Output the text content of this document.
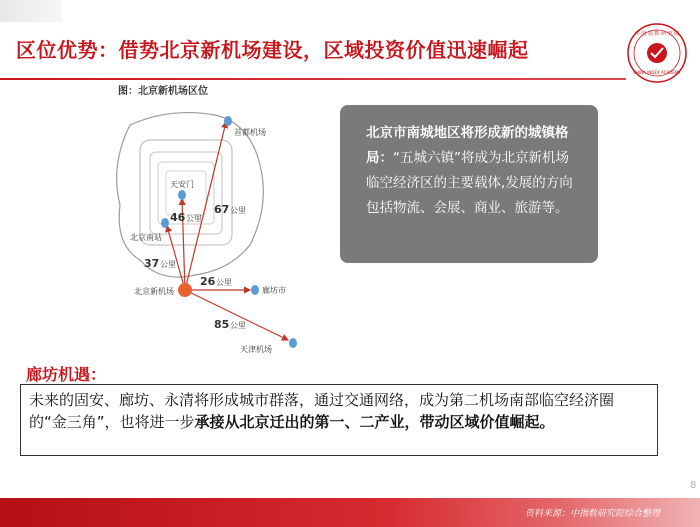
区位优势：借势北京新机场建设，区域投资价值迅速崛起
中 国 指 数 研 究 院
CHINA INDEX ACADEMY
图：北京新机场区位
首都机场
天安门
北京南站
北京新机场	廊坊市
天津机场
67 公里
46 公里
37 公里
26 公里
85 公里
北京市南城地区将形成新的城镇格局：“五城六镇”将成为北京新机场临空经济区的主要载体,发展的方向包括物流、会展、商业、旅游等。
廊坊机遇：
未来的固安、廊坊、永清将形成城市群落，通过交通网络，成为第二机场南部临空经济圈的“金三角”，也将进一步承接从北京迁出的第一、二产业，带动区域价值崛起。
8
资料来源：中指数研究院综合整理
